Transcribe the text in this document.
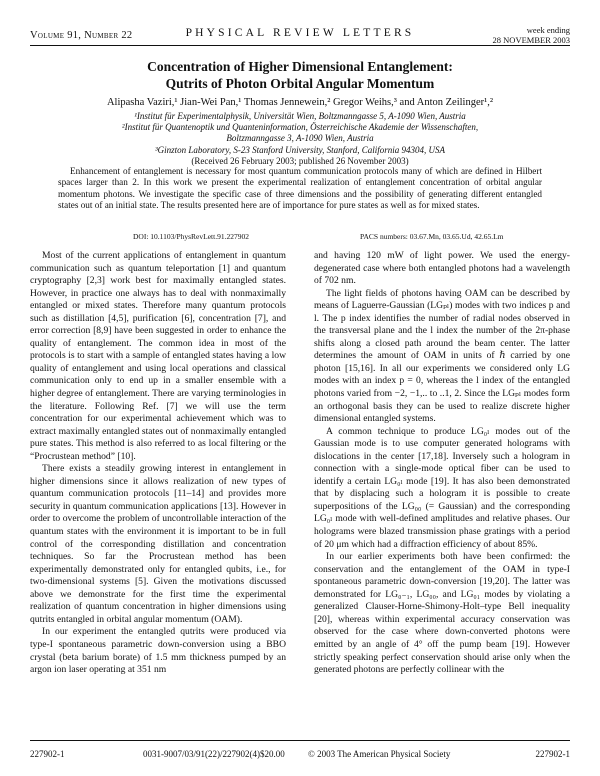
Volume 91, Number 22	PHYSICAL REVIEW LETTERS	week ending
28 NOVEMBER 2003
Concentration of Higher Dimensional Entanglement:
Qutrits of Photon Orbital Angular Momentum
Alipasha Vaziri,¹ Jian-Wei Pan,¹ Thomas Jennewein,² Gregor Weihs,³ and Anton Zeilinger¹,²
¹Institut für Experimentalphysik, Universität Wien, Boltzmanngasse 5, A-1090 Wien, Austria
²Institut für Quantenoptik und Quanteninformation, Österreichische Akademie der Wissenschaften,
Boltzmanngasse 3, A-1090 Wien, Austria
³Ginzton Laboratory, S-23 Stanford University, Stanford, California 94304, USA
(Received 26 February 2003; published 26 November 2003)
Enhancement of entanglement is necessary for most quantum communication protocols many of which are defined in Hilbert spaces larger than 2. In this work we present the experimental realization of entanglement concentration of orbital angular momentum photons. We investigate the specific case of three dimensions and the possibility of generating different entangled states out of an initial state. The results presented here are of importance for pure states as well as for mixed states.
DOI: 10.1103/PhysRevLett.91.227902	PACS numbers: 03.67.Mn, 03.65.Ud, 42.65.Lm

Most of the current applications of entanglement in quantum communication such as quantum teleportation [1] and quantum cryptography [2,3] work best for maximally entangled states. However, in practice one always has to deal with nonmaximally entangled or mixed states. Therefore many quantum protocols such as distillation [4,5], purification [6], concentration [7], and error correction [8,9] have been suggested in order to enhance the quality of entanglement. The common idea in most of the protocols is to start with a sample of entangled states having a low quality of entanglement and using local operations and classical communication only to end up in a smaller ensemble with a higher degree of entanglement. There are varying terminologies in the literature. Following Ref. [7] we will use the term concentration for our experimental achievement which was to extract maximally entangled states out of nonmaximally entangled pure states. This method is also referred to as local filtering or the “Procrustean method” [10].

There exists a steadily growing interest in entanglement in higher dimensions since it allows realization of new types of quantum communication protocols [11–14] and provides more security in quantum communication applications [13]. However in order to overcome the problem of uncontrollable interaction of the quantum states with the environment it is important to be in full control of the corresponding distillation and concentration techniques. So far the Procrustean method has been experimentally demonstrated only for entangled qubits, i.e., for two-dimensional systems [5]. Given the motivations discussed above we demonstrate for the first time the experimental realization of quantum concentration in higher dimensions using qutrits entangled in orbital angular momentum (OAM).

In our experiment the entangled qutrits were produced via type-I spontaneous parametric down-conversion using a BBO crystal (beta barium borate) of 1.5 mm thickness pumped by an argon ion laser operating at 351 nm

and having 120 mW of light power. We used the energy-degenerated case where both entangled photons had a wavelength of 702 nm.

The light fields of photons having OAM can be described by means of Laguerre-Gaussian (LGₚₗ) modes with two indices p and l. The p index identifies the number of radial nodes observed in the transversal plane and the l index the number of the 2π-phase shifts along a closed path around the beam center. The latter determines the amount of OAM in units of ℏ carried by one photon [15,16]. In all our experiments we considered only LG modes with an index p = 0, whereas the l index of the entangled photons varied from −2, −1,.. to ..1, 2. Since the LGₚₗ modes form an orthogonal basis they can be used to realize discrete higher dimensional entangled systems.

A common technique to produce LG₀ₗ modes out of the Gaussian mode is to use computer generated holograms with dislocations in the center [17,18]. Inversely such a hologram in connection with a single-mode optical fiber can be used to identify a certain LG₀ₗ mode [19]. It has also been demonstrated that by displacing such a hologram it is possible to create superpositions of the LG₀₀ (= Gaussian) and the corresponding LG₀ₗ mode with well-defined amplitudes and relative phases. Our holograms were blazed transmission phase gratings with a period of 20 μm which had a diffraction efficiency of about 85%.

In our earlier experiments both have been confirmed: the conservation and the entanglement of the OAM in type-I spontaneous parametric down-conversion [19,20]. The latter was demonstrated for LG₀₋₁, LG₀₀, and LG₀₁ modes by violating a generalized Clauser-Horne-Shimony-Holt–type Bell inequality [20], whereas within experimental accuracy conservation was observed for the case where down-converted photons were emitted by an angle of 4° off the pump beam [19]. However strictly speaking perfect conservation should arise only when the generated photons are perfectly collinear with the

227902-1	0031-9007/03/91(22)/227902(4)$20.00	© 2003 The American Physical Society	227902-1
